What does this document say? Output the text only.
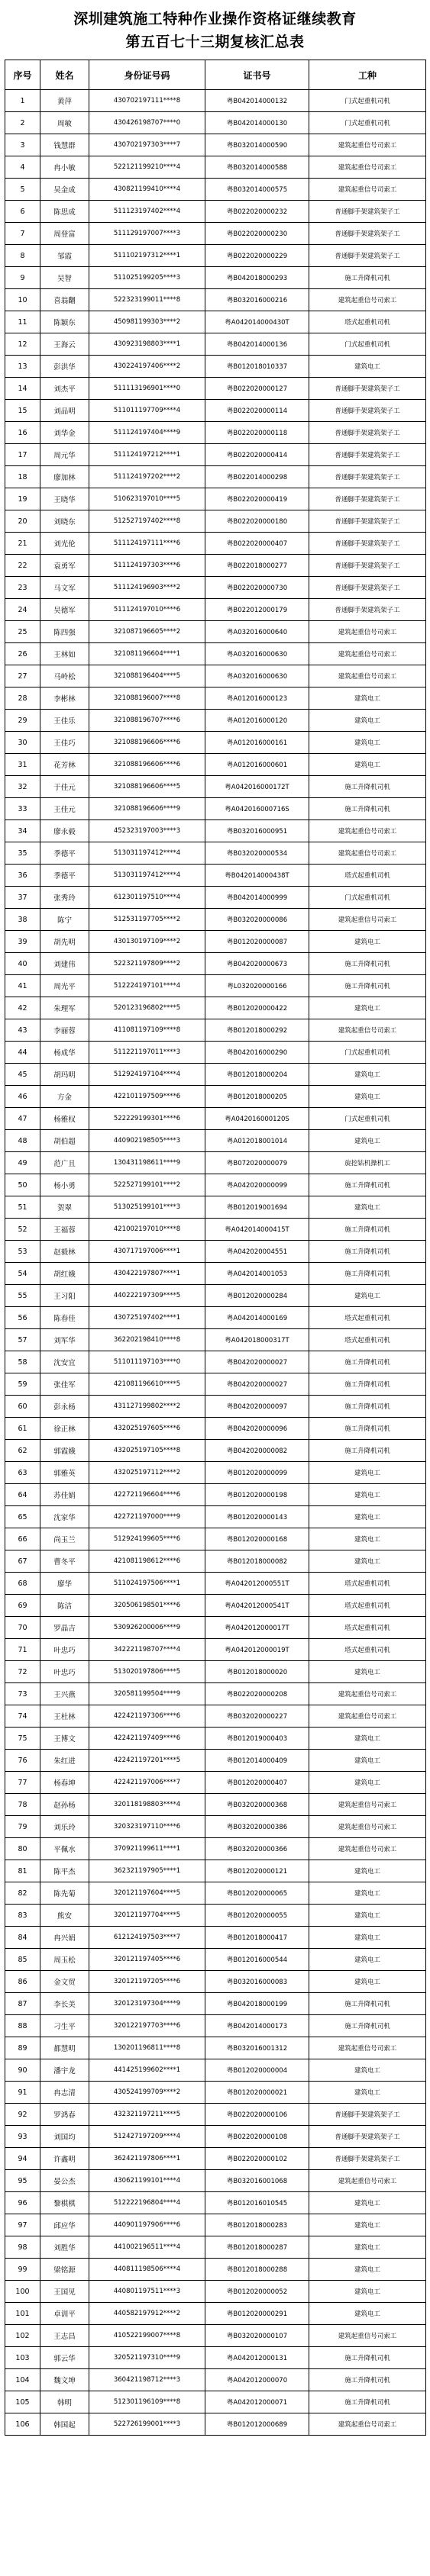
深圳建筑施工特种作业操作资格证继续教育
第五百七十三期复核汇总表
序号	姓名	身份证号码	证书号	工种
1	黄萍	430702197111****8	粤B042014000132	门式起重机司机
2	周敏	430426198707****0	粤B042014000130	门式起重机司机
3	钱慧群	430702197303****7	粤B032014000590	建筑起重信号司索工
4	冉小敏	522121199210****4	粤B032014000588	建筑起重信号司索工
5	吴金成	430821199410****4	粤B032014000575	建筑起重信号司索工
6	陈思成	511123197402****4	粤B022020000232	普通脚手架建筑架子工
7	周登富	511129197007****3	粤B022020000230	普通脚手架建筑架子工
8	邹霞	511102197312****1	粤B022020000229	普通脚手架建筑架子工
9	吴智	511025199205****3	粤B042018000293	施工升降机司机
10	喜翁翻	522323199011****8	粤B032016000216	建筑起重信号司索工
11	陈颖东	450981199303****2	粤A042014000430T	塔式起重机司机
12	王海云	430923198803****1	粤B042014000136	门式起重机司机
13	彭洪华	430224197406****2	粤B012018010337	建筑电工
14	刘杰平	511113196901****0	粤B022020000127	普通脚手架建筑架子工
15	刘品明	511011197709****4	粤B022020000114	普通脚手架建筑架子工
16	刘华金	511124197404****9	粤B022020000118	普通脚手架建筑架子工
17	周元华	511124197212****1	粤B022020000414	普通脚手架建筑架子工
18	廖加林	511124197202****2	粤B022014000298	普通脚手架建筑架子工
19	王晓华	510623197010****5	粤B022020000419	普通脚手架建筑架子工
20	刘晓东	512527197402****8	粤B022020000180	普通脚手架建筑架子工
21	刘光伦	511124197111****6	粤B022020000407	普通脚手架建筑架子工
22	袁勇军	511124197303****6	粤B022018000277	普通脚手架建筑架子工
23	马文军	511124196903****2	粤B022020000730	普通脚手架建筑架子工
24	吴德军	511124197010****6	粤B022012000179	普通脚手架建筑架子工
25	陈四强	321087196605****2	粤A032016000640	建筑起重信号司索工
26	王林如	321081196604****1	粤A032016000630	建筑起重信号司索工
27	马岭松	321088196404****5	粤A032016000630	建筑起重信号司索工
28	李彬林	321088196007****8	粤A012016000123	建筑电工
29	王佳乐	321088196707****6	粤A012016000120	建筑电工
30	王佳巧	321088196606****6	粤A012016000161	建筑电工
31	花芳林	321088196606****6	粤A012016000601	建筑电工
32	于佳元	321088196606****5	粤A042016000172T	施工升降机司机
33	王佳元	321088196606****9	粤A042016000716S	施工升降机司机
34	廖永毅	452323197003****3	粤B032016000951	建筑起重信号司索工
35	季德平	513031197412****4	粤B032020000534	建筑起重信号司索工
36	季德平	513031197412****4	粤B042014000438T	塔式起重机司机
37	张秀玲	612301197510****4	粤B042014000999	门式起重机司机
38	陈宁	512531197705****2	粤B032020000086	建筑起重信号司索工
39	胡先明	430130197109****2	粤B012020000087	建筑电工
40	刘建伟	522321197809****2	粤B042020000673	施工升降机司机
41	周光平	512224197101****4	粤L032020000166	施工升降机司机
42	朱理军	520123196802****5	粤B012020000422	建筑电工
43	李丽蓉	411081197109****8	粤B012018000292	建筑起重信号司索工
44	杨成华	511221197011****3	粤B042016000290	门式起重机司机
45	胡玛明	512924197104****4	粤B012018000204	建筑电工
46	方金	422101197509****6	粤B012018000205	建筑电工
47	杨雅权	522229199301****6	粤A042016000120S	门式起重机司机
48	胡伯超	440902198505****3	粤A012018001014	建筑电工
49	范广且	130431198611****9	粤B072020000079	旋挖钻机操机工
50	杨小勇	522527199101****2	粤A042020000099	施工升降机司机
51	贺翠	513025199101****3	粤B012019001694	建筑电工
52	王福蓉	421002197010****8	粤A042014000415T	施工升降机司机
53	赵毅林	430717197006****1	粤A042020004551	施工升降机司机
54	胡红娥	430422197807****1	粤A042014001053	施工升降机司机
55	王习阳	440222197309****5	粤B012020000284	建筑电工
56	陈春佳	430725197402****1	粤A042014000169	塔式起重机司机
57	刘军华	362202198410****8	粤A042018000317T	塔式起重机司机
58	沈安宜	511011197103****0	粤B042020000027	施工升降机司机
59	张佳军	421081196610****5	粤B042020000027	施工升降机司机
60	彭永杨	431127199802****2	粤B042020000097	施工升降机司机
61	徐正林	432025197605****6	粤B042020000096	施工升降机司机
62	郭霞娥	432025197105****8	粤B042020000082	施工升降机司机
63	郭雅英	432025197112****2	粤B012020000099	建筑电工
64	苏佳娟	422721196604****6	粤B012020000198	建筑电工
65	沈家华	422721197000****9	粤B012020000143	建筑电工
66	尚玉兰	512924199605****6	粤B012020000168	建筑电工
67	曹冬平	421081198612****6	粤B012018000082	建筑电工
68	廖华	511024197506****1	粤A042012000551T	塔式起重机司机
69	陈洁	320506198501****6	粤A042012000541T	塔式起重机司机
70	罗晶吉	530926200006****9	粤A042012000017T	塔式起重机司机
71	叶忠巧	342221198707****4	粤A042012000019T	塔式起重机司机
72	叶忠巧	513020197806****5	粤B012018000020	建筑电工
73	王兴燕	320581199504****9	粤B022020000208	建筑起重信号司索工
74	王杜林	422421197306****6	粤B032020000227	建筑起重信号司索工
75	王博文	422421197409****6	粤B012019000403	建筑电工
76	朱红进	422421197201****5	粤B012014000409	建筑电工
77	杨春坤	422421197006****7	粤B012020000407	建筑电工
78	赵孙杨	320118198803****4	粤B032020000368	建筑起重信号司索工
79	刘乐玲	320323197110****6	粤B032020000386	建筑起重信号司索工
80	平佩水	370921199611****1	粤B032020000366	建筑起重信号司索工
81	陈平杰	362321197905****1	粤B012020000121	建筑电工
82	陈先菊	320121197604****5	粤B012020000065	建筑电工
83	熊安	320121197704****5	粤B012020000055	建筑电工
84	冉兴娟	612124197503****7	粤B012018000417	建筑电工
85	周玉松	320121197405****6	粤B012016000544	建筑电工
86	金文贸	320121197205****6	粤B032016000083	建筑电工
87	李长美	320123197304****9	粤B042018000199	施工升降机司机
88	刁生平	320122197703****6	粤B042014000173	施工升降机司机
89	都慧明	130201196811****8	粤B032016001312	建筑起重信号司索工
90	潘宇龙	441425199602****1	粤B012020000004	建筑电工
91	冉志清	430524199709****2	粤B012020000021	建筑电工
92	罗鸿春	432321197211****5	粤B022020000106	普通脚手架建筑架子工
93	刘国均	512427197209****4	粤B022020000108	普通脚手架建筑架子工
94	许鑫明	362421197806****1	粤B022020000102	普通脚手架建筑架子工
95	晏公杰	430621199101****4	粤B032016001068	建筑起重信号司索工
96	黎棋棋	512222196804****4	粤B012016010545	建筑电工
97	邱应华	440901197906****6	粤B012018000283	建筑电工
98	刘胜华	441002196511****4	粤B012018000287	建筑电工
99	梁铭源	440811198506****4	粤B012018000288	建筑电工
100	王国见	440801197511****3	粤B012020000052	建筑电工
101	卓训平	440582197912****2	粤B012020000291	建筑电工
102	王志昌	410522199007****8	粤B032020000107	建筑起重信号司索工
103	郭云华	320521197310****9	粤A042012000131	施工升降机司机
104	魏文坤	360421198712****3	粤A042012000070	施工升降机司机
105	韩明	512301196109****8	粤A042012000071	施工升降机司机
106	韩国起	522726199001****3	粤B012012000689	建筑起重信号司索工
